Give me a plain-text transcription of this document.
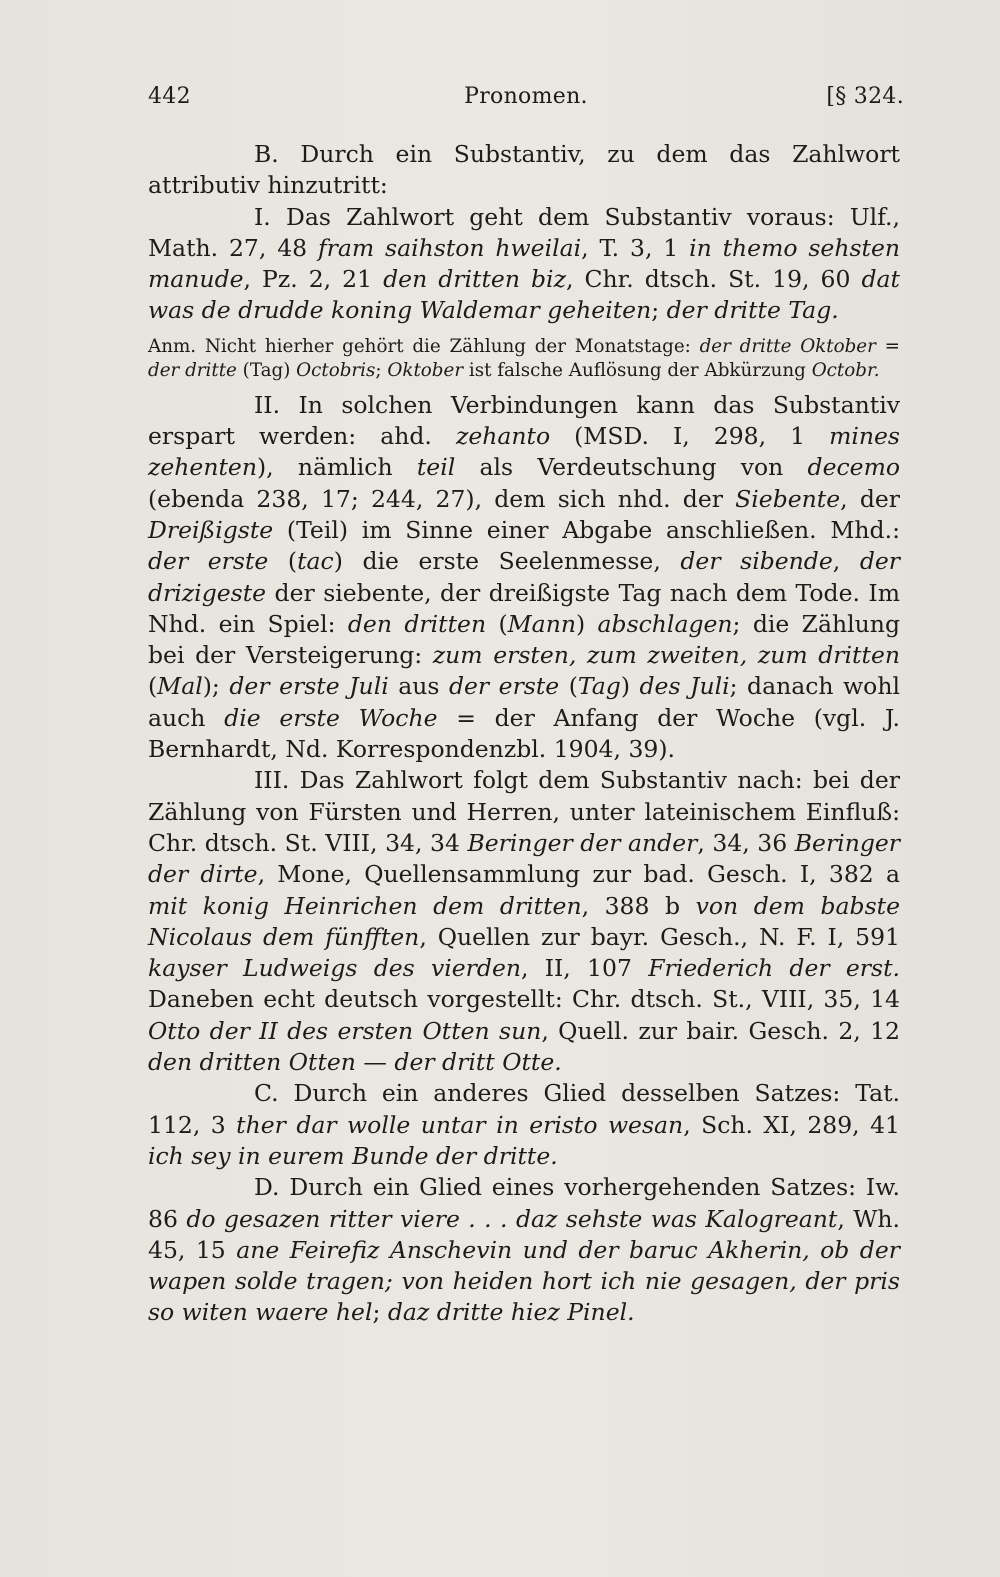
442	Pronomen.	[§ 324.

B. Durch ein Substantiv, zu dem das Zahlwort attributiv hinzutritt:

I. Das Zahlwort geht dem Substantiv voraus: Ulf., Math. 27, 48 fram saihston hweilai, T. 3, 1 in themo sehsten manude, Pz. 2, 21 den dritten biz, Chr. dtsch. St. 19, 60 dat was de drudde koning Waldemar geheiten; der dritte Tag.

Anm. Nicht hierher gehört die Zählung der Monatstage: der dritte Oktober = der dritte (Tag) Octobris; Oktober ist falsche Auflösung der Abkürzung Octobr.

II. In solchen Verbindungen kann das Substantiv erspart werden: ahd. zehanto (MSD. I, 298, 1 mines zehenten), nämlich teil als Verdeutschung von decemo (ebenda 238, 17; 244, 27), dem sich nhd. der Siebente, der Dreißigste (Teil) im Sinne einer Abgabe anschließen. Mhd.: der erste (tac) die erste Seelenmesse, der sibende, der drizigeste der siebente, der dreißigste Tag nach dem Tode. Im Nhd. ein Spiel: den dritten (Mann) abschlagen; die Zählung bei der Versteigerung: zum ersten, zum zweiten, zum dritten (Mal); der erste Juli aus der erste (Tag) des Juli; danach wohl auch die erste Woche = der Anfang der Woche (vgl. J. Bernhardt, Nd. Korrespondenzbl. 1904, 39).

III. Das Zahlwort folgt dem Substantiv nach: bei der Zählung von Fürsten und Herren, unter lateinischem Einfluß: Chr. dtsch. St. VIII, 34, 34 Beringer der ander, 34, 36 Beringer der dirte, Mone, Quellensammlung zur bad. Gesch. I, 382 a mit konig Heinrichen dem dritten, 388 b von dem babste Nicolaus dem fünfften, Quellen zur bayr. Gesch., N. F. I, 591 kayser Ludweigs des vierden, II, 107 Friederich der erst. Daneben echt deutsch vorgestellt: Chr. dtsch. St., VIII, 35, 14 Otto der II des ersten Otten sun, Quell. zur bair. Gesch. 2, 12 den dritten Otten — der dritt Otte.

C. Durch ein anderes Glied desselben Satzes: Tat. 112, 3 ther dar wolle untar in eristo wesan, Sch. XI, 289, 41 ich sey in eurem Bunde der dritte.

D. Durch ein Glied eines vorhergehenden Satzes: Iw. 86 do gesazen ritter viere . . . daz sehste was Kalogreant, Wh. 45, 15 ane Feirefiz Anschevin und der baruc Akherin, ob der wapen solde tragen; von heiden hort ich nie gesagen, der pris so witen waere hel; daz dritte hiez Pinel.
